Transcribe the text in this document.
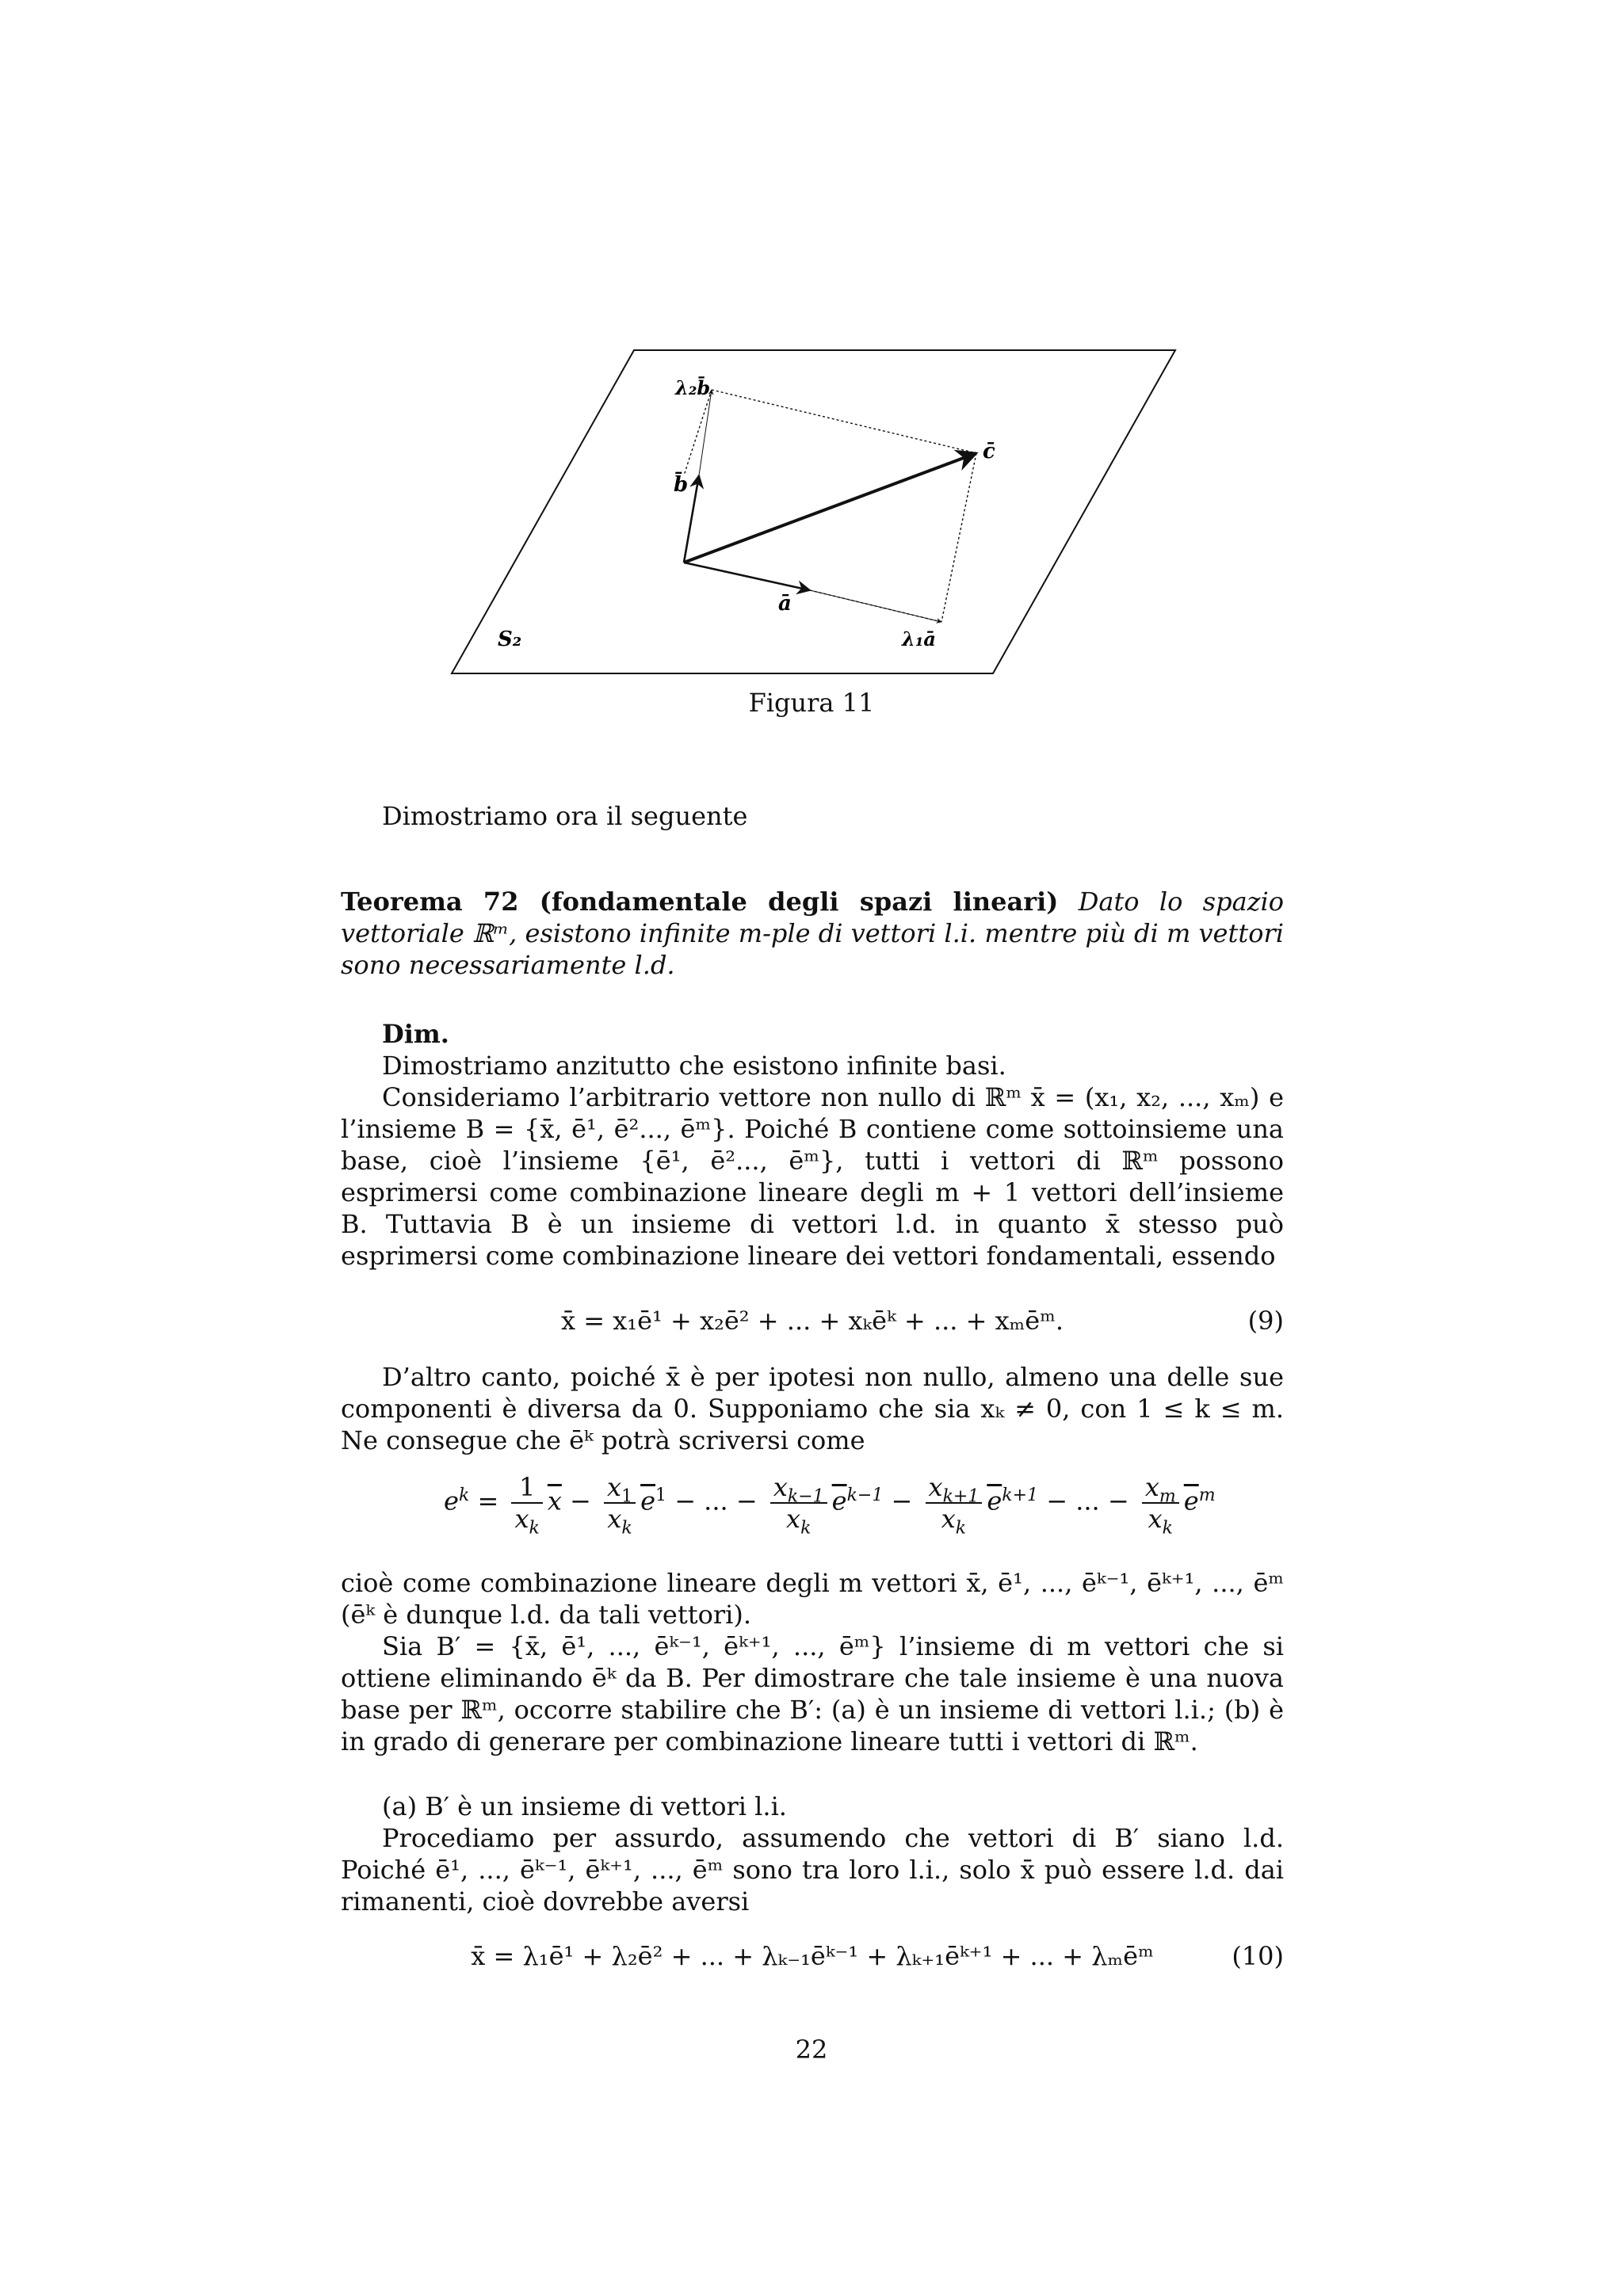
λ₂b̄
b̄
c̄
ā
λ₁ā
S₂
Figura 11

Dimostriamo ora il seguente

Teorema 72 (fondamentale degli spazi lineari) Dato lo spazio vettoriale ℝᵐ, esistono infinite m-ple di vettori l.i. mentre più di m vettori sono necessariamente l.d.

Dim.

Dimostriamo anzitutto che esistono infinite basi.

Consideriamo l’arbitrario vettore non nullo di ℝᵐ x̄ = (x₁, x₂, ..., xₘ) e l’insieme B = {x̄, ē¹, ē²..., ēᵐ}. Poiché B contiene come sottoinsieme una base, cioè l’insieme {ē¹, ē²..., ēᵐ}, tutti i vettori di ℝᵐ possono esprimersi come combinazione lineare degli m + 1 vettori dell’insieme B. Tuttavia B è un insieme di vettori l.d. in quanto x̄ stesso può esprimersi come combinazione lineare dei vettori fondamentali, essendo

x̄ = x₁ē¹ + x₂ē² + ... + xₖēᵏ + ... + xₘēᵐ.	(9)

D’altro canto, poiché x̄ è per ipotesi non nullo, almeno una delle sue componenti è diversa da 0. Supponiamo che sia xₖ ≠ 0, con 1 ≤ k ≤ m. Ne consegue che ēᵏ potrà scriversi come

$e^k = \frac{1}{x_k} \overline{x} - \frac{x_1}{x_k} \overline{e}^1$ − ... − $\frac{x_{k-1}}{x_k} \overline{e}^{k-1} - \frac{x_{k+1}}{x_k} \overline{e}^{k+1}$ − ... − $\frac{x_m}{x_k} \overline{e}^m$

cioè come combinazione lineare degli m vettori x̄, ē¹, ..., ēᵏ⁻¹, ēᵏ⁺¹, ..., ēᵐ (ēᵏ è dunque l.d. da tali vettori).

Sia B′ = {x̄, ē¹, ..., ēᵏ⁻¹, ēᵏ⁺¹, ..., ēᵐ} l’insieme di m vettori che si ottiene eliminando ēᵏ da B. Per dimostrare che tale insieme è una nuova base per ℝᵐ, occorre stabilire che B′: (a) è un insieme di vettori l.i.; (b) è in grado di generare per combinazione lineare tutti i vettori di ℝᵐ.

(a) B′ è un insieme di vettori l.i.

Procediamo per assurdo, assumendo che vettori di B′ siano l.d. Poiché ē¹, ..., ēᵏ⁻¹, ēᵏ⁺¹, ..., ēᵐ sono tra loro l.i., solo x̄ può essere l.d. dai rimanenti, cioè dovrebbe aversi

x̄ = λ₁ē¹ + λ₂ē² + ... + λₖ₋₁ēᵏ⁻¹ + λₖ₊₁ēᵏ⁺¹ + ... + λₘēᵐ	(10)
22
